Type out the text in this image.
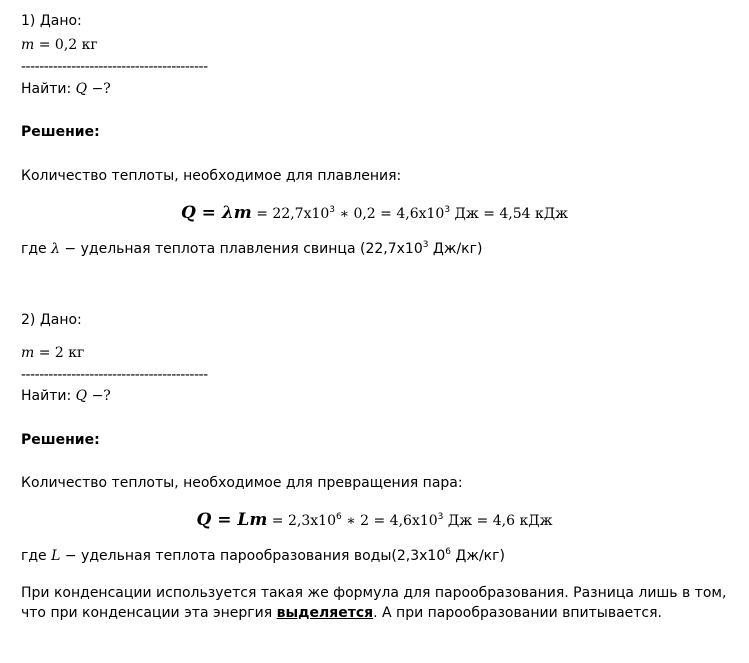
1) Дано:
m = 0,2 кг
-----------------------------------------
Найти: Q −?
Решение:
Количество теплоты, необходимое для плавления:
$Q = \lambda m = 22,7x10^3$ ∗ $0,2 = 4,6x10^3$ Дж = 4,54 кДж
где λ − удельная теплота плавления свинца ($22,7x10^3$ Дж/кг)
2) Дано:
m = 2 кг
-----------------------------------------
Найти: Q −?
Решение:
Количество теплоты, необходимое для превращения пара:
$Q = Lm = 2,3x10^6$ ∗ $2 = 4,6x10^3$ Дж = 4,6 кДж
где L − удельная теплота парообразования $воды(2,3x10^6$ Дж/кг)
При конденсации используется такая же формула для парообразования. Разница лишь в том, что при конденсации эта энергия выделяется. А при парообразовании впитывается.
